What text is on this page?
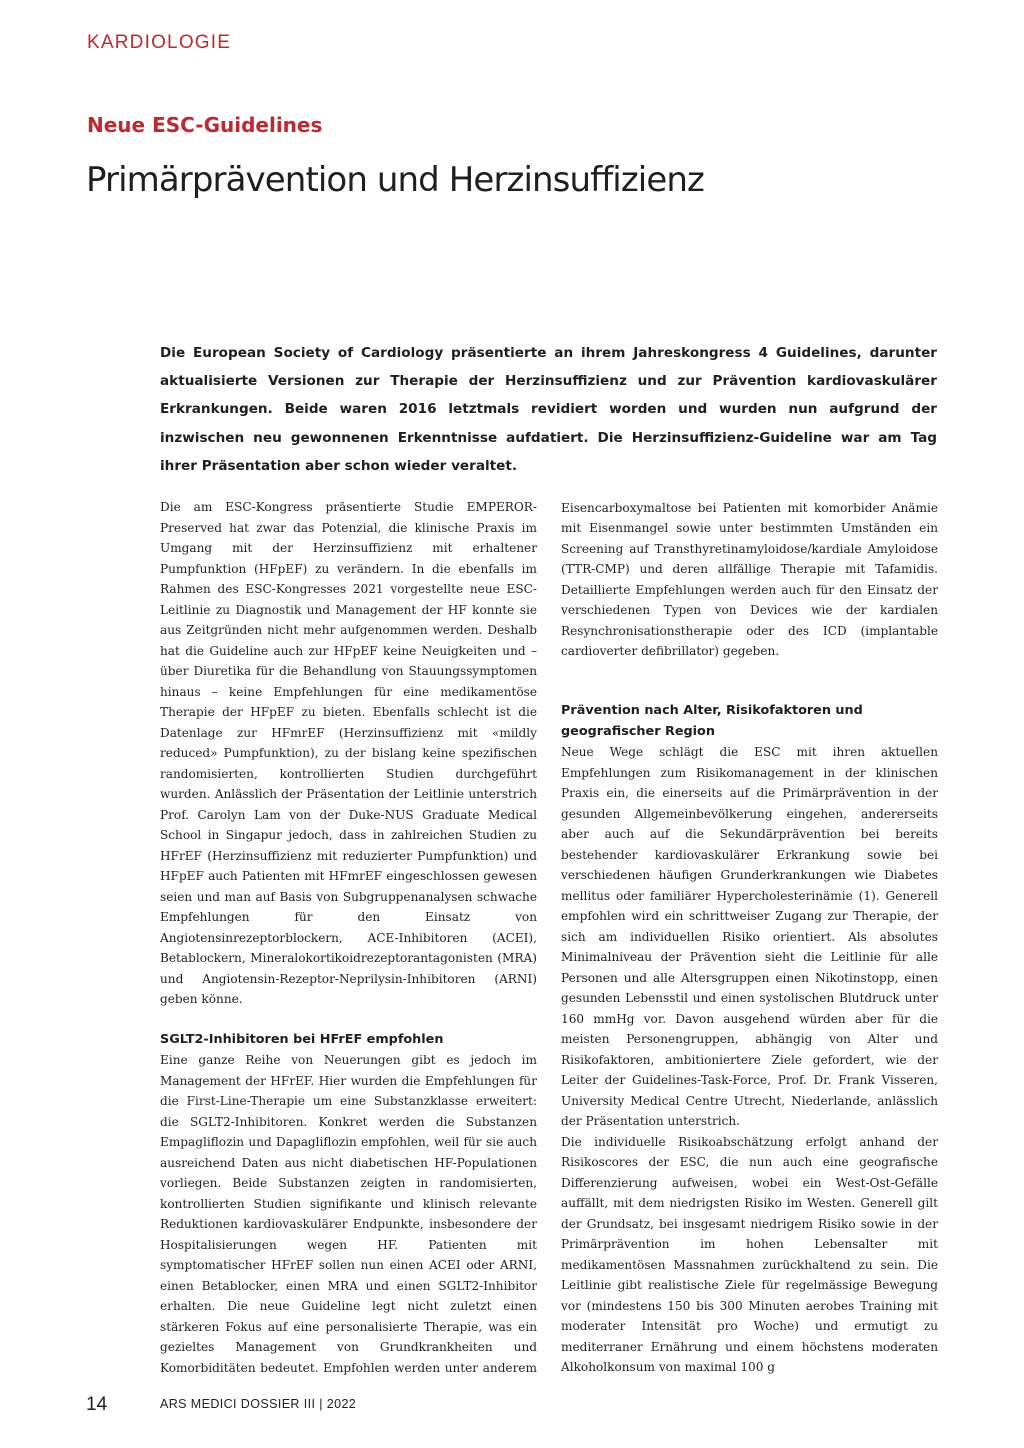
KARDIOLOGIE
Neue ESC-Guidelines
Primärprävention und Herzinsuffizienz

Die European Society of Cardiology präsentierte an ihrem Jahreskongress 4 Guidelines, darunter aktualisierte Versionen zur Therapie der Herzinsuffizienz und zur Prävention kardiovaskulärer Erkrankungen. Beide waren 2016 letztmals revidiert worden und wurden nun aufgrund der inzwischen neu gewonnenen Erkenntnisse aufdatiert. Die Herzinsuffizienz-Guideline war am Tag ihrer Präsentation aber schon wieder veraltet.

Die am ESC-Kongress präsentierte Studie EMPEROR-Preserved hat zwar das Potenzial, die klinische Praxis im Umgang mit der Herzinsuffizienz mit erhaltener Pumpfunktion (HFpEF) zu verändern. In die ebenfalls im Rahmen des ESC-Kongresses 2021 vorgestellte neue ESC-Leitlinie zu Diagnostik und Management der HF konnte sie aus Zeitgründen nicht mehr aufgenommen werden. Deshalb hat die Guideline auch zur HFpEF keine Neuigkeiten und – über Diuretika für die Behandlung von Stauungssymptomen hinaus – keine Empfehlungen für eine medikamentöse Therapie der HFpEF zu bieten. Ebenfalls schlecht ist die Datenlage zur HFmrEF (Herzinsuffizienz mit «mildly reduced» Pumpfunktion), zu der bislang keine spezifischen randomisierten, kontrollierten Studien durchgeführt wurden. Anlässlich der Präsentation der Leitlinie unterstrich Prof. Carolyn Lam von der Duke-NUS Graduate Medical School in Singapur jedoch, dass in zahlreichen Studien zu HFrEF (Herzinsuffizienz mit reduzierter Pumpfunktion) und HFpEF auch Patienten mit HFmrEF eingeschlossen gewesen seien und man auf Basis von Subgruppenanalysen schwache Empfehlungen für den Einsatz von Angiotensinrezeptorblockern, ACE-Inhibitoren (ACEI), Betablockern, Mineralokortikoidrezeptorantagonisten (MRA) und Angiotensin-Rezeptor-Neprilysin-Inhibitoren (ARNI) geben könne.

SGLT2-Inhibitoren bei HFrEF empfohlen

Eine ganze Reihe von Neuerungen gibt es jedoch im Management der HFrEF. Hier wurden die Empfehlungen für die First-Line-Therapie um eine Substanzklasse erweitert: die SGLT2-Inhibitoren. Konkret werden die Substanzen Empagliflozin und Dapagliflozin empfohlen, weil für sie auch ausreichend Daten aus nicht diabetischen HF-Populationen vorliegen. Beide Substanzen zeigten in randomisierten, kontrollierten Studien signifikante und klinisch relevante Reduktionen kardiovaskulärer Endpunkte, insbesondere der Hospitalisierungen wegen HF. Patienten mit symptomatischer HFrEF sollen nun einen ACEI oder ARNI, einen Betablocker, einen MRA und einen SGLT2-Inhibitor erhalten. Die neue Guideline legt nicht zuletzt einen stärkeren Fokus auf eine personalisierte Therapie, was ein gezieltes Management von Grundkrankheiten und Komorbiditäten bedeutet. Empfohlen werden unter anderem

Eisencarboxymaltose bei Patienten mit komorbider Anämie mit Eisenmangel sowie unter bestimmten Umständen ein Screening auf Transthyretinamyloidose/kardiale Amyloidose (TTR-CMP) und deren allfällige Therapie mit Tafamidis. Detaillierte Empfehlungen werden auch für den Einsatz der verschiedenen Typen von Devices wie der kardialen Resynchronisationstherapie oder des ICD (implantable cardioverter defibrillator) gegeben.

Prävention nach Alter, Risikofaktoren und geografischer Region

Neue Wege schlägt die ESC mit ihren aktuellen Empfehlungen zum Risikomanagement in der klinischen Praxis ein, die einerseits auf die Primärprävention in der gesunden Allgemeinbevölkerung eingehen, andererseits aber auch auf die Sekundärprävention bei bereits bestehender kardiovaskulärer Erkrankung sowie bei verschiedenen häufigen Grunderkrankungen wie Diabetes mellitus oder familiärer Hypercholesterinämie (1). Generell empfohlen wird ein schrittweiser Zugang zur Therapie, der sich am individuellen Risiko orientiert. Als absolutes Minimalniveau der Prävention sieht die Leitlinie für alle Personen und alle Altersgruppen einen Nikotinstopp, einen gesunden Lebensstil und einen systolischen Blutdruck unter 160 mmHg vor. Davon ausgehend würden aber für die meisten Personengruppen, abhängig von Alter und Risikofaktoren, ambitioniertere Ziele gefordert, wie der Leiter der Guidelines-Task-Force, Prof. Dr. Frank Visseren, University Medical Centre Utrecht, Niederlande, anlässlich der Präsentation unterstrich.

Die individuelle Risikoabschätzung erfolgt anhand der Risikoscores der ESC, die nun auch eine geografische Differenzierung aufweisen, wobei ein West-Ost-Gefälle auffällt, mit dem niedrigsten Risiko im Westen. Generell gilt der Grundsatz, bei insgesamt niedrigem Risiko sowie in der Primärprävention im hohen Lebensalter mit medikamentösen Massnahmen zurückhaltend zu sein. Die Leitlinie gibt realistische Ziele für regelmässige Bewegung vor (mindestens 150 bis 300 Minuten aerobes Training mit moderater Intensität pro Woche) und ermutigt zu mediterraner Ernährung und einem höchstens moderaten Alkoholkonsum von maximal 100 g

14	ARS MEDICI DOSSIER III | 2022
